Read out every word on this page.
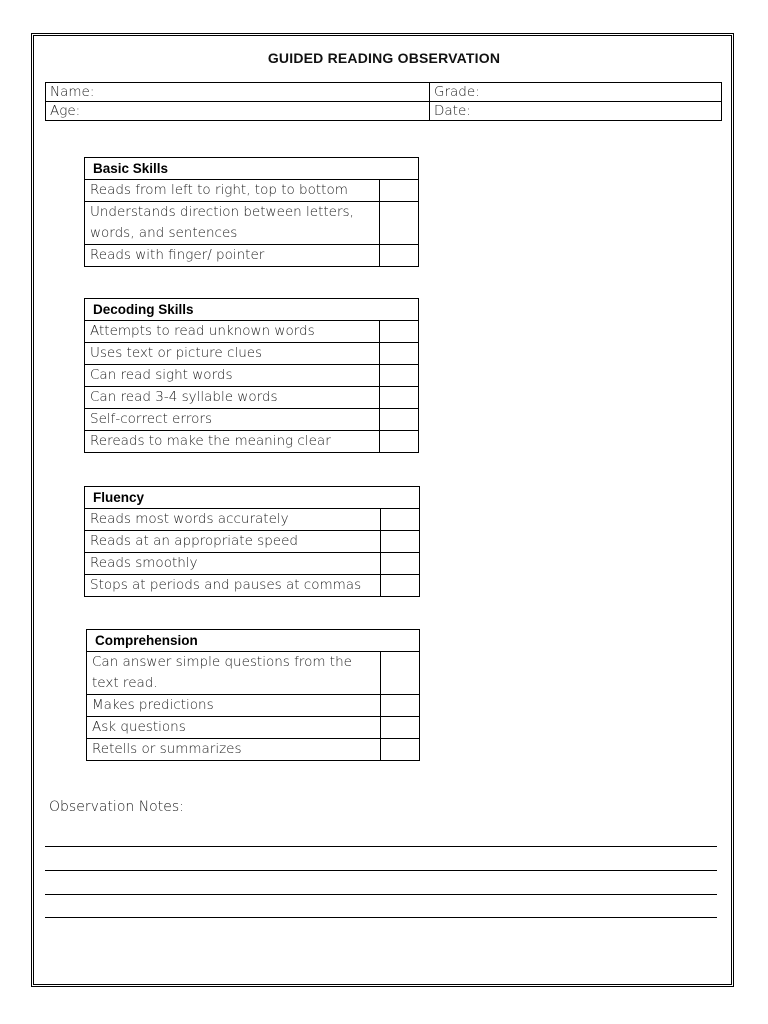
GUIDED READING OBSERVATION
Name:	Grade:
Age:	Date:
Basic Skills	
Reads from left to right, top to bottom	
Understands direction between letters, words, and sentences	
Reads with finger/ pointer	
Decoding Skills	
Attempts to read unknown words	
Uses text or picture clues	
Can read sight words	
Can read 3-4 syllable words	
Self-correct errors	
Rereads to make the meaning clear	
Fluency	
Reads most words accurately	
Reads at an appropriate speed	
Reads smoothly	
Stops at periods and pauses at commas	
Comprehension	
Can answer simple questions from the text read.	
Makes predictions	
Ask questions	
Retells or summarizes	
Observation Notes:
